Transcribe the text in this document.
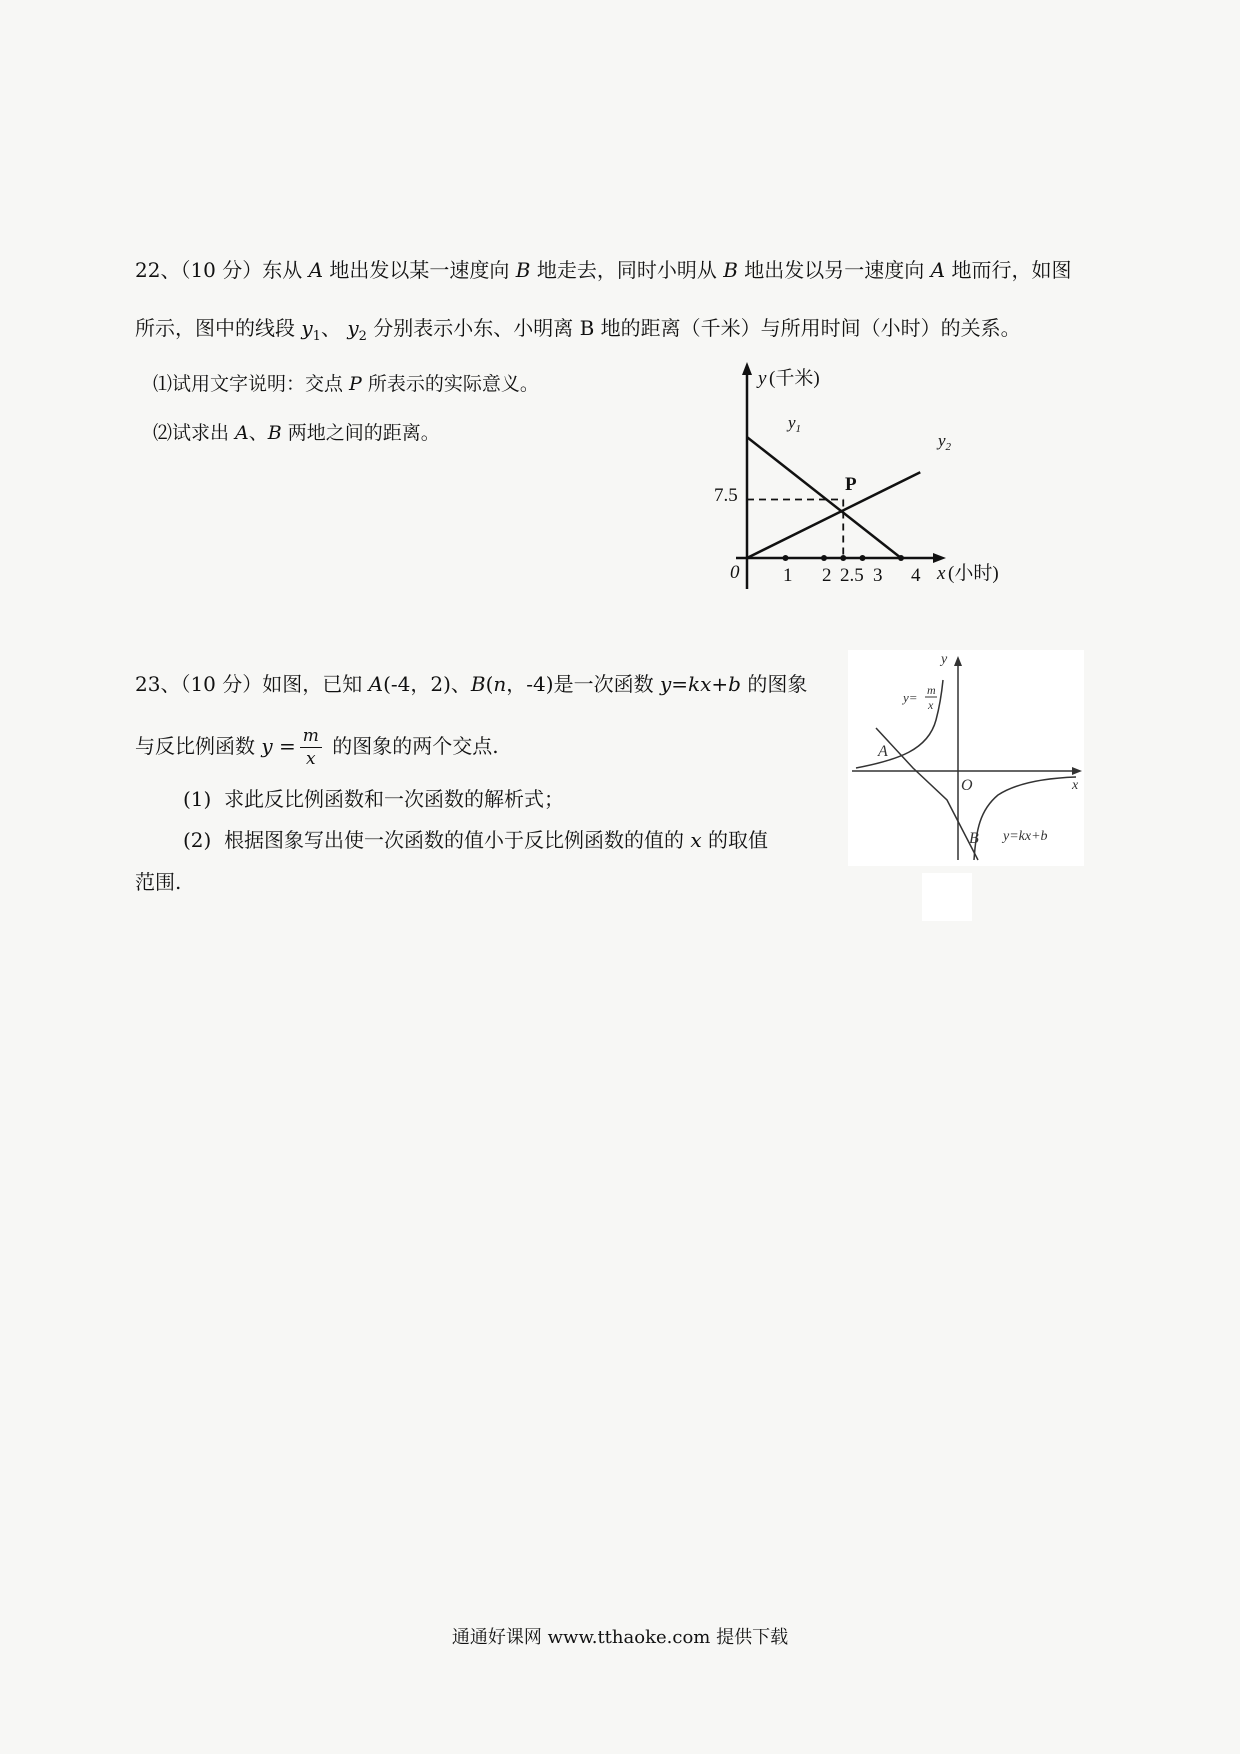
22、（10 分）东从 A 地出发以某一速度向 B 地走去，同时小明从 B 地出发以另一速度向 A 地而行，如图
所示，图中的线段 $y_1$、 $y_2$ 分别表示小东、小明离 B 地的距离（千米）与所用时间（小时）的关系。
⑴试用文字说明：交点 P 所表示的实际意义。
⑵试求出 A、B 两地之间的距离。
y (千米)
x (小时)
0
$y_1$
$y_2$
P
7.5
1 2 2.5 3 4
23、（10 分）如图，已知 A(-4，2)、B(n，-4)是一次函数 y=kx+b 的图象
与反比例函数 $y = \frac{m}{x}$ 的图象的两个交点.
(1) 求此反比例函数和一次函数的解析式；
(2) 根据图象写出使一次函数的值小于反比例函数的值的 x 的取值
范围.
y
x
O
A
B
y= m
x
y=kx+b
通通好课网 www.tthaoke.com 提供下载
